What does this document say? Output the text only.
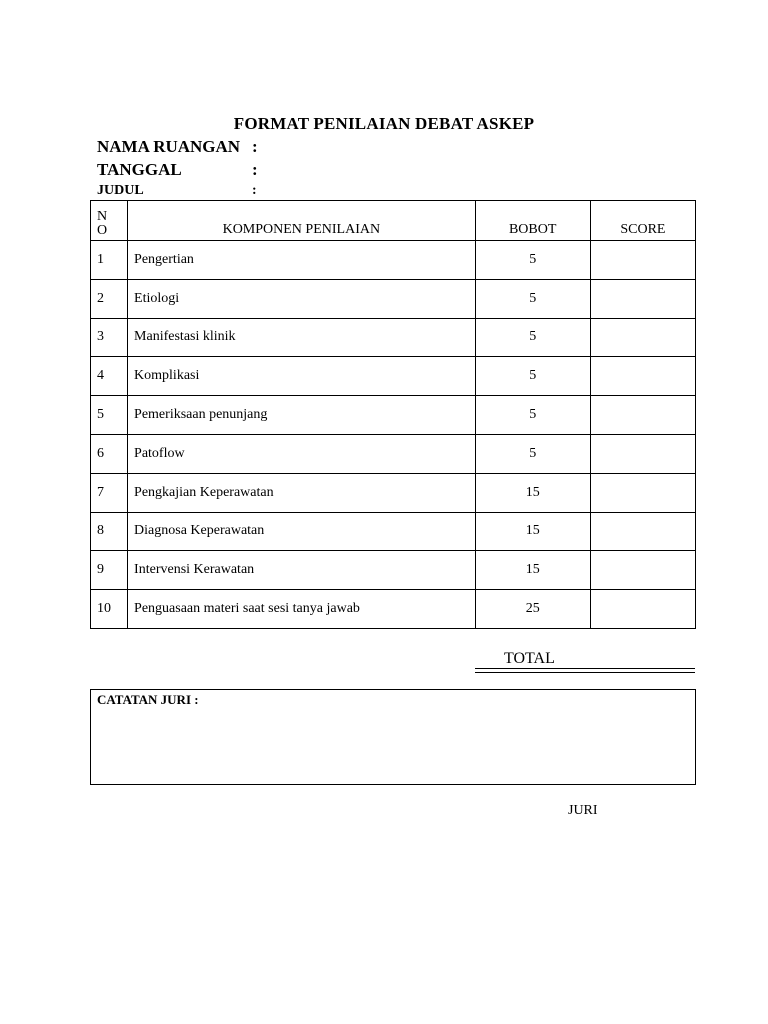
FORMAT PENILAIAN DEBAT ASKEP
NAMA RUANGAN :
TANGGAL	:
JUDUL	:
N
O	KOMPONEN PENILAIAN	BOBOT	SCORE
1	Pengertian	5	
2	Etiologi	5	
3	Manifestasi klinik	5	
4	Komplikasi	5	
5	Pemeriksaan penunjang	5	
6	Patoflow	5	
7	Pengkajian Keperawatan	15	
8	Diagnosa Keperawatan	15	
9	Intervensi Kerawatan	15	
10	Penguasaan materi saat sesi tanya jawab	25	
TOTAL
CATATAN JURI :
JURI
